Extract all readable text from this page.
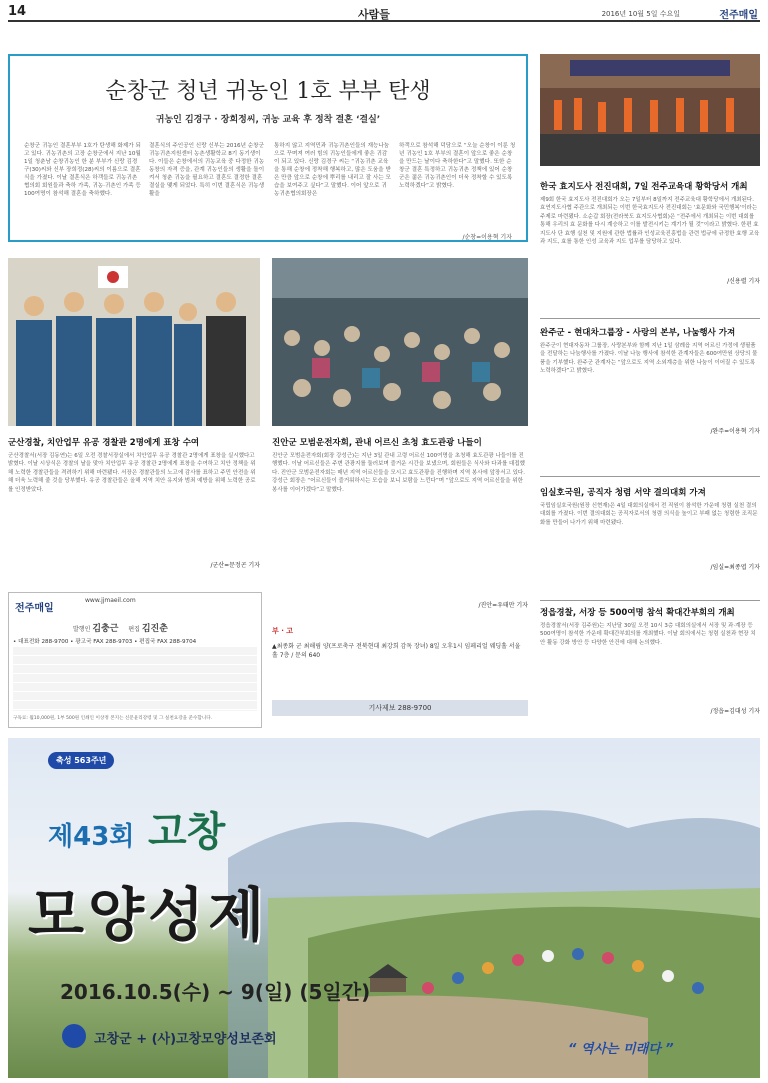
14	사람들	2016년 10월 5일 수요일	전주매일
순창군 청년 귀농인 1호 부부 탄생
귀농인 김경구 · 장희정씨, 귀농 교육 후 정착 결혼 ‘결실’
순창군 귀농인 결혼부부 1호가 탄생해 화제가 되고 있다. 귀농귀촌의 고장 순창군에서 지난 10월 1일 청춘남 순창귀농인 한 분 부부가 신랑 김경구(30)씨와 신부 장희정(28)씨의 이름으로 결혼식을 가졌다. 이날 결혼식은 하객들로 귀농귀촌협의회 회원들과 축하 가족, 귀농·귀촌인 가족 등 100여명이 참석해 결혼을 축하했다.
결혼식의 주인공인 신랑 신부는 2016년 순창군 귀농귀촌지원센터 농촌생활학교 8기 동기생이다. 이들은 순창에서의 귀농교육 중 다정한 귀농동창의 자격 증을, 관계 귀농인들의 생활을 돌이켜서 청춘 귀농을 필요하고 결혼도 결정한 결혼 결실을 맺게 되었다. 특히 이번 결혼식은 귀농생활을
통하지 않고 지역민과 귀농귀촌인들의 재능나눔으로 꾸며져 여러 힘의 귀농인들에게 좋은 귀감이 되고 있다. 신랑 김경구 씨는 “귀농귀촌 교육을 통해 순창에 정착해 행복하고, 많은 도움을 받은 만큼 앞으로 순창에 뿌리를 내리고 잘 사는 모습을 보여주고 싶다”고 말했다. 이어 앞으로 귀농귀촌협의회장은
하객으로 참석해 덕담으로 “오늘 순창이 이룬 청년 귀농인 1호 부부의 결혼이 앞으로 좋은 순창을 만드는 날이다 축하한다”고 말했다. 또한 순창군 결혼 특정하고 귀농귀촌 정책에 있어 순창군은 젊은 귀농귀촌인이 더욱 정착할 수 있도록 노력하겠다”고 밝혔다.
/순창=이용혁 기자
한국 효지도사 전진대회, 7일 전주교육대 황학당서 개최
제9회 한국 효지도사 전진대회가 오는 7일부터 8일까지 전주교육대 황학당에서 개최된다. 효연지도사협 주관으로 개최되는 이번 한국효지도사 전진대회는 '효문화와 국민행복'이라는 주제로 마련됐다. 소순갑 회장(전라북도 효지도사협회)은 “전주에서 개최되는 이번 대회를 통해 우리의 효 문화를 다시 계승하고 이를 발전시키는 계기가 될 것”이라고 밝혔다. 한편 효지도사 단 효행 실천 및 지원에 관한 법률과 인성교육진흥법을 관련 법규에 규정한 효행 교육과 지도, 효를 통한 인성 교육과 지도 업무를 담당하고 있다.
/신용렬 기자
군산경찰, 치안업무 유공 경찰관 2명에게 표창 수여
군산경찰서(서장 김동연)는 6일 오전 경찰서장실에서 치안업무 유공 경찰관 2명에게 표창을 실시했다고 밝혔다. 이날 시상식은 경찰의 날을 맞아 치안업무 유공 경찰관 2명에게 표창을 수여하고 치안 정책을 위해 노력한 경찰관들을 격려하기 위해 마련됐다. 서장은 경찰관들의 노고에 감사를 표하고 주민 안전을 위해 더욱 노력해 줄 것을 당부했다. 유공 경찰관들은 올해 지역 치안 유지와 범죄 예방을 위해 노력한 공로를 인정받았다.
/군산=문정곤 기자
진안군 모범운전자회, 관내 어르신 초청 효도관광 나들이
진안군 모범운전자회(회장 강성근)는 지난 3일 관내 고령 어르신 100여명을 초청해 효도관광 나들이를 진행했다. 이날 어르신들은 주변 관광지를 둘러보며 즐거운 시간을 보냈으며, 회원들은 식사와 다과를 대접했다. 진안군 모범운전자회는 매년 지역 어르신들을 모시고 효도관광을 진행하며 지역 봉사에 앞장서고 있다. 강성근 회장은 “어르신들이 즐거워하시는 모습을 보니 보람을 느낀다”며 “앞으로도 지역 어르신들을 위한 봉사를 이어가겠다”고 말했다.
/진안=우태만 기자
완주군 - 현대차그룹장 - 사랑의 본부, 나눔행사 가져
완주군이 현대자동차 그룹장, 사랑본부와 함께 지난 1일 삼례읍 지역 어르신 가정에 생필품을 전달하는 나눔행사를 가졌다. 이날 나눔 행사에 참석한 관계자들은 600여만원 상당의 물품을 기부했다. 완주군 관계자는 “앞으로도 지역 소외계층을 위한 나눔이 이어질 수 있도록 노력하겠다”고 밝혔다.
/완주=이용혁 기자
임실호국원, 공직자 청렴 서약 결의대회 가져
국립임실호국원(원장 신현재)은 4일 대회의실에서 전 직원이 참석한 가운데 청렴 실천 결의대회를 가졌다. 이번 결의대회는 공직자로서의 청렴 의식을 높이고 부패 없는 청렴한 조직문화를 만들어 나가기 위해 마련됐다.
/임실=최종엽 기자
정읍경찰, 서장 등 500여명 참석 확대간부회의 개최
정읍경찰서(서장 김주원)는 지난달 30일 오전 10시 3층 대회의실에서 서장 및 과·계장 등 500여명이 참석한 가운데 확대간부회의를 개최했다. 이날 회의에서는 청렴 실천과 현장 치안 활동 강화 방안 등 다양한 안건에 대해 논의했다.
/정읍=김대성 기자
전주매일
www.jjmaeil.com
발행인 김충근 편집 김진춘
• 대표전화 288-9700 • 광고국 FAX 288-9703 • 편집국 FAX 288-9704
구독료: 월10,000원, 1부 500원 인쇄인 이상정 본지는 신문윤리강령 및 그 실천요강을 준수합니다.
부 · 고
▲최종화 군 최해림 양(프로축구 전북현대 최강희 감독 장녀) 8일 오후1시 임페리얼 웨딩홀 서울 홀 7층 / 문의 640
기사제보 288-9700
축성 563주년
제43회 고창
모양성제
2016.10.5(수) ~ 9(일) (5일간)
고창군 + (사)고창모양성보존회
“ 역사는 미래다 ”
